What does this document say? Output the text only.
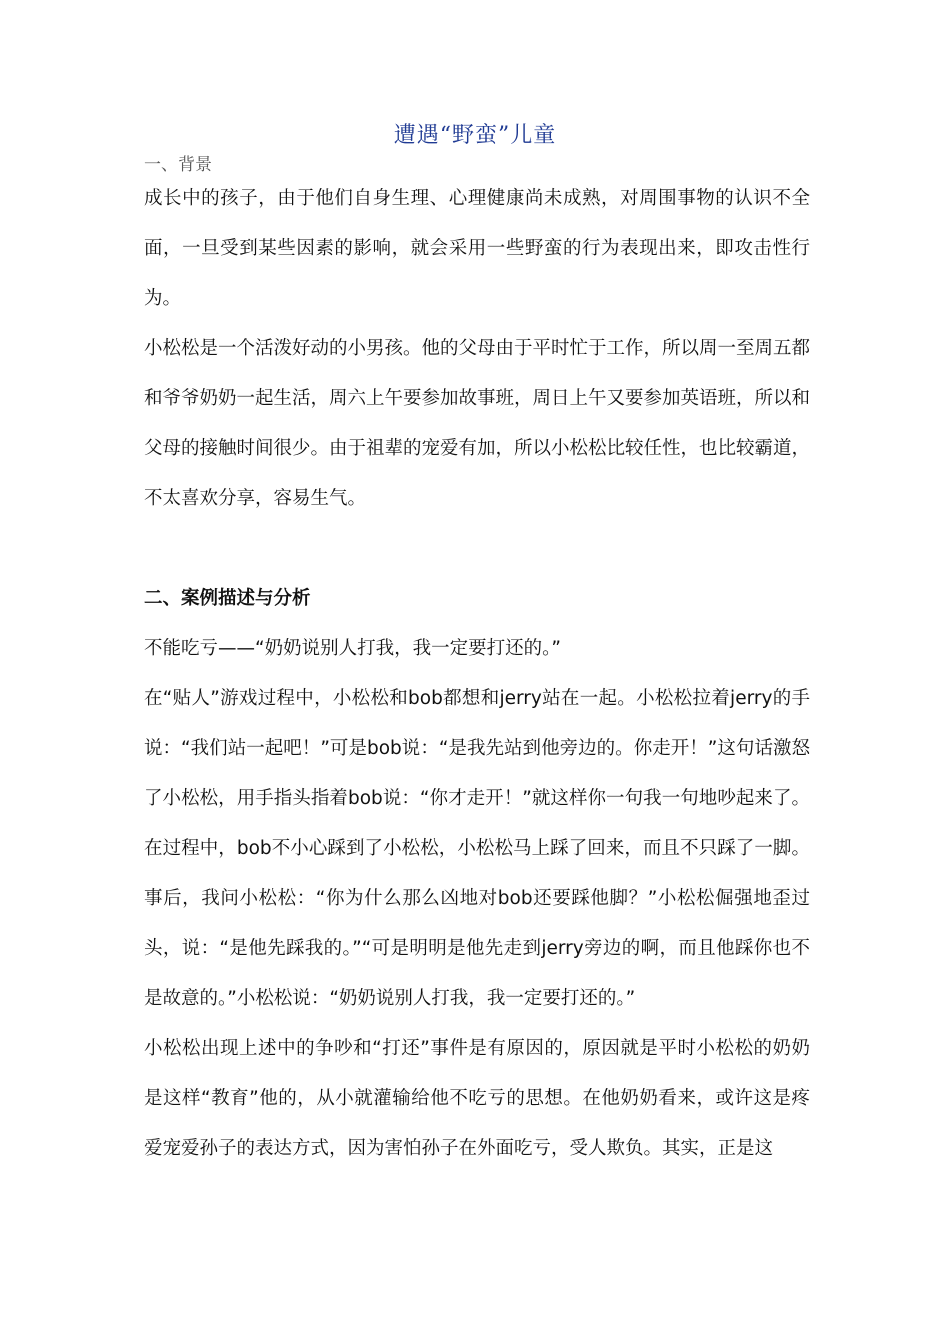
遭遇“野蛮”儿童
一、背景

成长中的孩子，由于他们自身生理、心理健康尚未成熟，对周围事物的认识不全面，一旦受到某些因素的影响，就会采用一些野蛮的行为表现出来，即攻击性行为。

小松松是一个活泼好动的小男孩。他的父母由于平时忙于工作，所以周一至周五都和爷爷奶奶一起生活，周六上午要参加故事班，周日上午又要参加英语班，所以和父母的接触时间很少。由于祖辈的宠爱有加，所以小松松比较任性，也比较霸道，不太喜欢分享，容易生气。

二、案例描述与分析

不能吃亏——“奶奶说别人打我，我一定要打还的。”

在“贴人”游戏过程中，小松松和bob都想和jerry站在一起。小松松拉着jerry的手说：“我们站一起吧！”可是bob说：“是我先站到他旁边的。你走开！”这句话激怒了小松松，用手指头指着bob说：“你才走开！”就这样你一句我一句地吵起来了。在过程中，bob不小心踩到了小松松，小松松马上踩了回来，而且不只踩了一脚。事后，我问小松松：“你为什么那么凶地对bob还要踩他脚？”小松松倔强地歪过头，说：“是他先踩我的。”“可是明明是他先走到jerry旁边的啊，而且他踩你也不是故意的。”小松松说：“奶奶说别人打我，我一定要打还的。”

小松松出现上述中的争吵和“打还”事件是有原因的，原因就是平时小松松的奶奶是这样“教育”他的，从小就灌输给他不吃亏的思想。在他奶奶看来，或许这是疼爱宠爱孙子的表达方式，因为害怕孙子在外面吃亏，受人欺负。其实，正是这
